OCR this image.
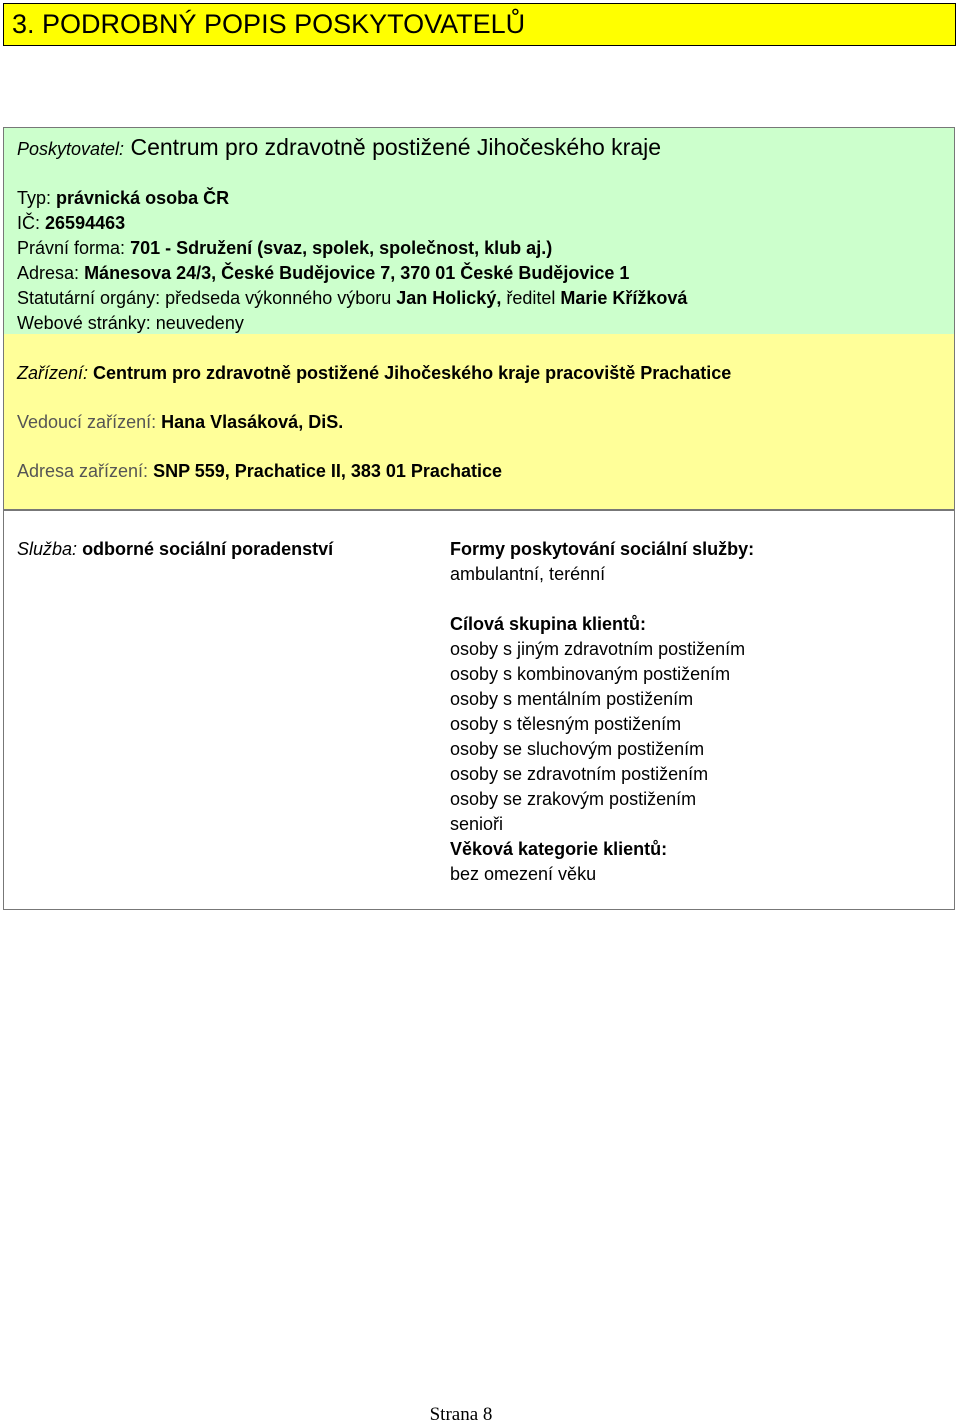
3. PODROBNÝ POPIS POSKYTOVATELŮ
Poskytovatel: Centrum pro zdravotně postižené Jihočeského kraje
Typ: právnická osoba ČR
IČ: 26594463
Právní forma: 701 - Sdružení (svaz, spolek, společnost, klub aj.)
Adresa: Mánesova 24/3, České Budějovice 7, 370 01 České Budějovice 1
Statutární orgány: předseda výkonného výboru Jan Holický, ředitel Marie Křížková
Webové stránky: neuvedeny
Zařízení: Centrum pro zdravotně postižené Jihočeského kraje pracoviště Prachatice
Vedoucí zařízení: Hana Vlasáková, DiS.
Adresa zařízení: SNP 559, Prachatice II, 383 01 Prachatice
Služba: odborné sociální poradenství	Formy poskytování sociální služby:
ambulantní, terénní
Cílová skupina klientů:
osoby s jiným zdravotním postižením
osoby s kombinovaným postižením
osoby s mentálním postižením
osoby s tělesným postižením
osoby se sluchovým postižením
osoby se zdravotním postižením
osoby se zrakovým postižením
senioři
Věková kategorie klientů:
bez omezení věku
Strana 8
